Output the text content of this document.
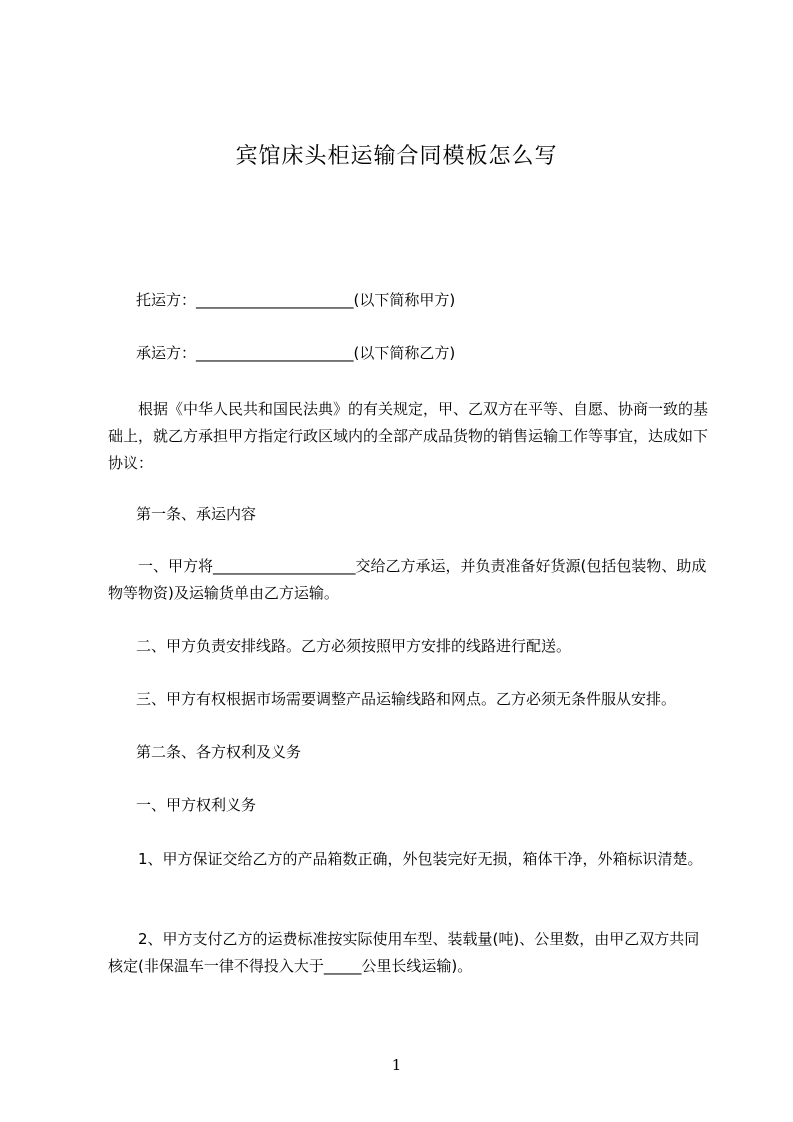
宾馆床头柜运输合同模板怎么写

托运方：_____________________(以下简称甲方)

承运方：_____________________(以下简称乙方)

根据《中华人民共和国民法典》的有关规定，甲、乙双方在平等、自愿、协商一致的基础上，就乙方承担甲方指定行政区域内的全部产成品货物的销售运输工作等事宜，达成如下协议：

第一条、承运内容

一、甲方将___________________交给乙方承运，并负责准备好货源(包括包装物、助成物等物资)及运输货单由乙方运输。

二、甲方负责安排线路。乙方必须按照甲方安排的线路进行配送。

三、甲方有权根据市场需要调整产品运输线路和网点。乙方必须无条件服从安排。

第二条、各方权利及义务

一、甲方权利义务

1、甲方保证交给乙方的产品箱数正确，外包装完好无损，箱体干净，外箱标识清楚。

2、甲方支付乙方的运费标准按实际使用车型、装载量(吨)、公里数，由甲乙双方共同核定(非保温车一律不得投入大于_____公里长线运输)。

1
